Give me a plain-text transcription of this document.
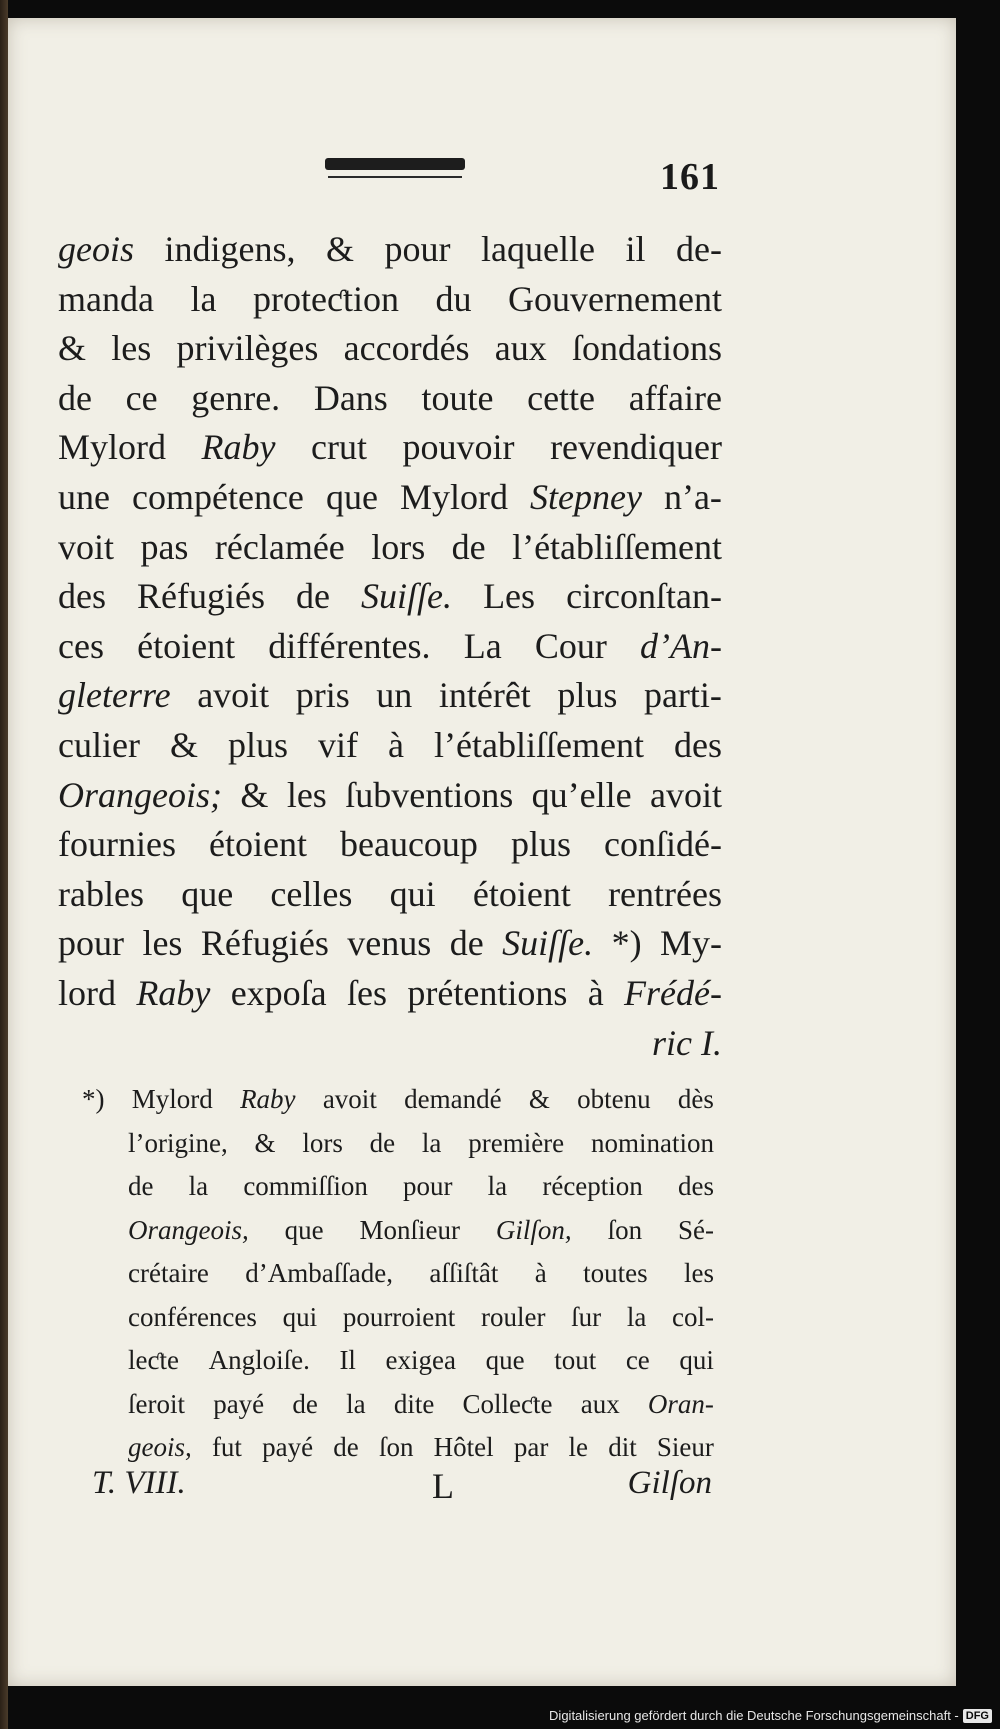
161
geois indigens, & pour laquelle il de-
manda la proteƈtion du Gouvernement
& les privilèges accordés aux ſondations
de ce genre. Dans toute cette affaire
Mylord Raby crut pouvoir revendiquer
une compétence que Mylord Stepney n’a-
voit pas réclamée lors de l’établiſſement
des Réfugiés de Suiſſe. Les circonſtan-
ces étoient différentes. La Cour d’An-
gleterre avoit pris un intérêt plus parti-
culier & plus vif à l’établiſſement des
Orangeois; & les ſubventions qu’elle avoit
fournies étoient beaucoup plus conſidé-
rables que celles qui étoient rentrées
pour les Réfugiés venus de Suiſſe. *) My-
lord Raby expoſa ſes prétentions à Frédé-
ric I.
*) Mylord Raby avoit demandé & obtenu dès
l’origine, & lors de la première nomination
de la commiſſion pour la réception des
Orangeois, que Monſieur Gilſon, ſon Sé-
crétaire d’Ambaſſade, aſſiſtât à toutes les
conférences qui pourroient rouler ſur la col-
leƈte Angloiſe. Il exigea que tout ce qui
ſeroit payé de la dite Colleƈte aux Oran-
geois, fut payé de ſon Hôtel par le dit Sieur
T. VIII.	L	Gilſon
Digitalisierung gefördert durch die Deutsche Forschungsgemeinschaft - DFG
